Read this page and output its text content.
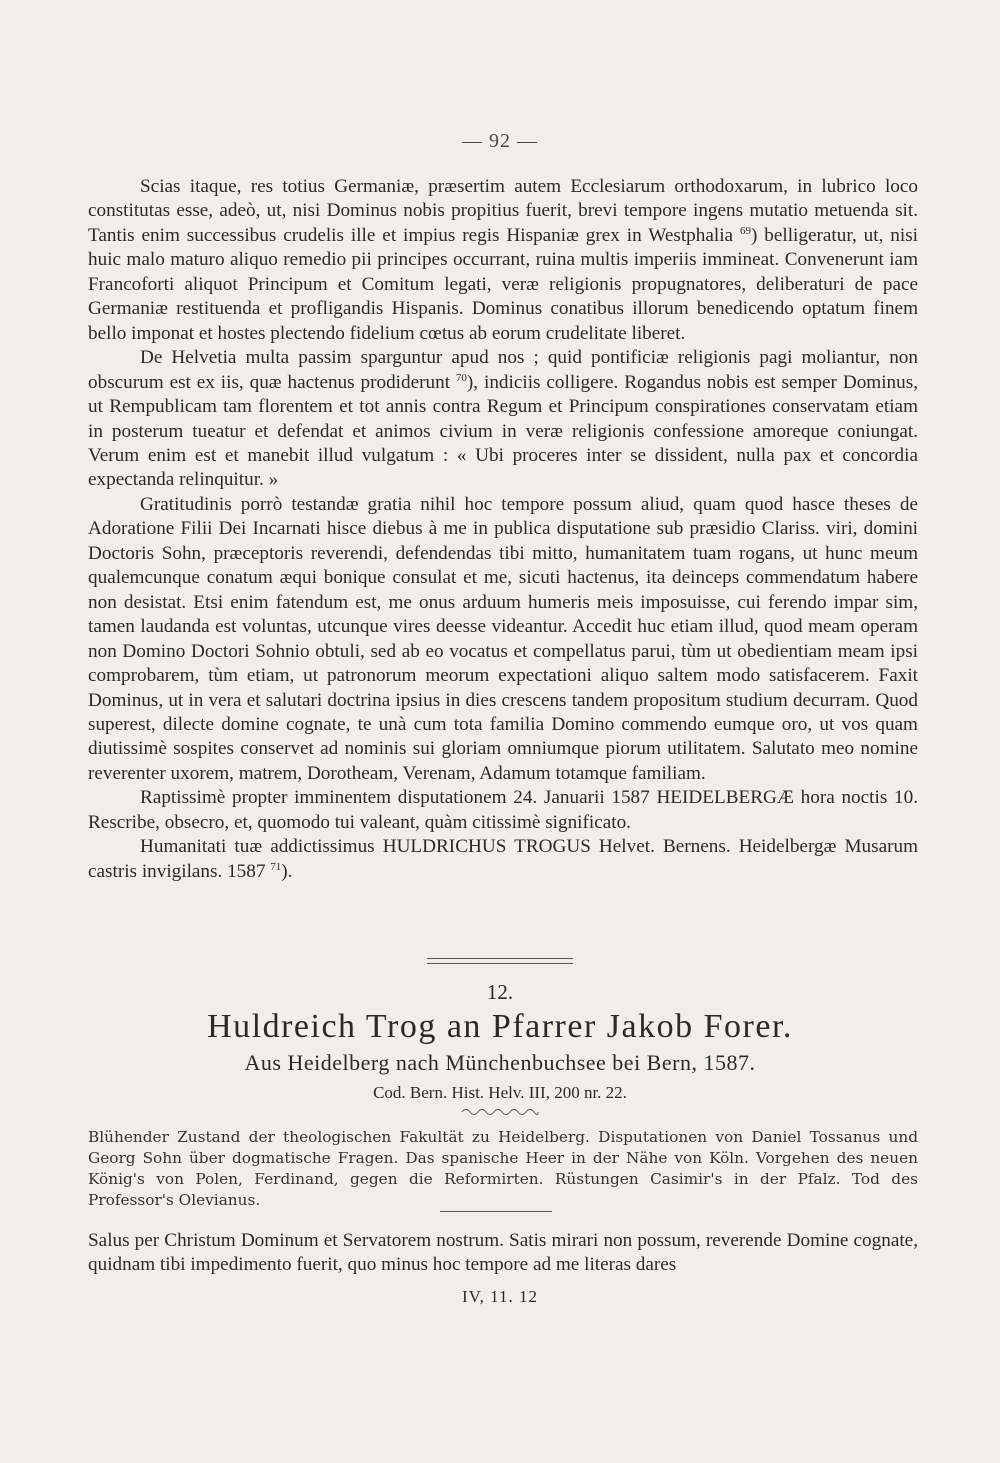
— 92 —

Scias itaque, res totius Germaniæ, præsertim autem Ecclesiarum orthodoxarum, in lubrico loco constitutas esse, adeò, ut, nisi Dominus nobis propitius fuerit, brevi tempore ingens mutatio metuenda sit. Tantis enim successibus crudelis ille et impius regis Hispaniæ grex in Westphalia $^{69}$) belligeratur, ut, nisi huic malo maturo aliquo remedio pii principes occurrant, ruina multis imperiis immineat. Convenerunt iam Francoforti aliquot Principum et Comitum legati, veræ religionis propugnatores, deliberaturi de pace Germaniæ restituenda et profligandis Hispanis. Dominus conatibus illorum benedicendo optatum finem bello imponat et hostes plectendo fidelium cœtus ab eorum crudelitate liberet.

De Helvetia multa passim sparguntur apud nos ; quid pontificiæ religionis pagi moliantur, non obscurum est ex iis, quæ hactenus prodiderunt $^{70}$), indiciis colligere. Rogandus nobis est semper Dominus, ut Rempublicam tam florentem et tot annis contra Regum et Principum conspirationes conservatam etiam in posterum tueatur et defendat et animos civium in veræ religionis confessione amoreque coniungat. Verum enim est et manebit illud vulgatum : « Ubi proceres inter se dissident, nulla pax et concordia expectanda relinquitur. »

Gratitudinis porrò testandæ gratia nihil hoc tempore possum aliud, quam quod hasce theses de Adoratione Filii Dei Incarnati hisce diebus à me in publica disputatione sub præsidio Clariss. viri, domini Doctoris Sohn, præceptoris reverendi, defendendas tibi mitto, humanitatem tuam rogans, ut hunc meum qualemcunque conatum æqui bonique consulat et me, sicuti hactenus, ita deinceps commendatum habere non desistat. Etsi enim fatendum est, me onus arduum humeris meis imposuisse, cui ferendo impar sim, tamen laudanda est voluntas, utcunque vires deesse videantur. Accedit huc etiam illud, quod meam operam non Domino Doctori Sohnio obtuli, sed ab eo vocatus et compellatus parui, tùm ut obedientiam meam ipsi comprobarem, tùm etiam, ut patronorum meorum expectationi aliquo saltem modo satisfacerem. Faxit Dominus, ut in vera et salutari doctrina ipsius in dies crescens tandem propositum studium decurram. Quod superest, dilecte domine cognate, te unà cum tota familia Domino commendo eumque oro, ut vos quam diutissimè sospites conservet ad nominis sui gloriam omniumque piorum utilitatem. Salutato meo nomine reverenter uxorem, matrem, Dorotheam, Verenam, Adamum totamque familiam.

Raptissimè propter imminentem disputationem 24. Januarii 1587 HEIDELBERGÆ hora noctis 10. Rescribe, obsecro, et, quomodo tui valeant, quàm citissimè significato.

Humanitati tuæ addictissimus HULDRICHUS TROGUS Helvet. Bernens. Heidelbergæ Musarum castris invigilans. 1587 $^{71}$).

12.
Huldreich Trog an Pfarrer Jakob Forer.
Aus Heidelberg nach Münchenbuchsee bei Bern, 1587.
Cod. Bern. Hist. Helv. III, 200 nr. 22.
Blühender Zustand der theologischen Fakultät zu Heidelberg. Disputationen von Daniel Tossanus und Georg Sohn über dogmatische Fragen. Das spanische Heer in der Nähe von Köln. Vorgehen des neuen König's von Polen, Ferdinand, gegen die Reformirten. Rüstungen Casimir's in der Pfalz. Tod des Professor's Olevianus.

Salus per Christum Dominum et Servatorem nostrum. Satis mirari non possum, reverende Domine cognate, quidnam tibi impedimento fuerit, quo minus hoc tempore ad me literas dares

IV, 11. 12
